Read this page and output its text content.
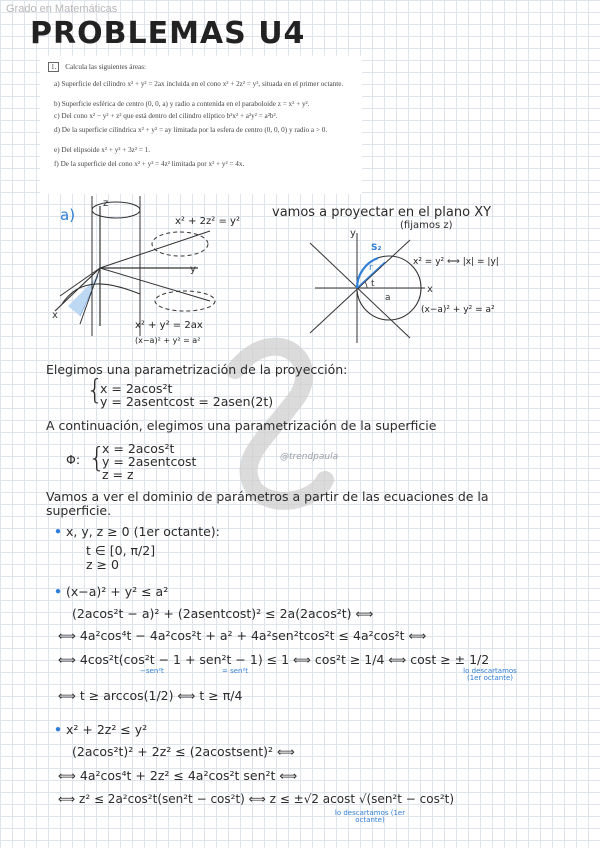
Grado en Matemáticas
PROBLEMAS U4
1. Calcula las siguientes áreas:
a) Superficie del cilindro x² + y² = 2ax incluida en el cono x² + 2z² = y², situada en el primer octante.
b) Superficie esférica de centro (0, 0, a) y radio a contenida en el paraboloide z = x² + y².
c) Del cono x² − y² + z² que está dentro del cilindro elíptico b²x² + a²y² = a²b².
d) De la superficie cilíndrica x² + y² = ay limitada por la esfera de centro (0, 0, 0) y radio a > 0.
e) Del elipsoide x² + y² + 3z² = 1.
f) De la superficie del cono x² + y² = 4z² limitada por x² + y² = 4x.
a)
z
y
x
x² + 2z² = y²
x² + y² = 2ax
(x−a)² + y² = a²
vamos a proyectar en el plano XY
(fijamos z)
y
x
S₂
r
t
a
x² = y² ⟺ |x| = |y|
(x−a)² + y² = a²
Elegimos una parametrización de la proyección:
{
x = 2acos²t
y = 2asentcost = 2asen(2t)
A continuación, elegimos una parametrización de la superficie
Φ: {
x = 2acos²t
y = 2asentcost
z = z
@trendpaula
Vamos a ver el dominio de parámetros a partir de las ecuaciones de la superficie.
• x, y, z ≥ 0 (1er octante):
t ∈ [0, π/2]
z ≥ 0
• (x−a)² + y² ≤ a²
(2acos²t − a)² + (2asentcost)² ≤ 2a(2acos²t) ⟺
⟺ 4a²cos⁴t − 4a²cos²t + a² + 4a²sen²tcos²t ≤ 4a²cos²t ⟺
⟺ 4cos²t(cos²t − 1 + sen²t − 1) ≤ 1 ⟺ cos²t ≥ 1/4 ⟺ cost ≥ ± 1/2
−sen²t	= sen²t	lo descartamos (1er octante)
⟺ t ≥ arccos(1/2) ⟺ t ≥ π/4
• x² + 2z² ≤ y²
(2acos²t)² + 2z² ≤ (2acostsent)² ⟺
⟺ 4a²cos⁴t + 2z² ≤ 4a²cos²t sen²t ⟺
⟺ z² ≤ 2a²cos²t(sen²t − cos²t) ⟺ z ≤ ±√2 acost √(sen²t − cos²t)
lo descartamos (1er octante)
